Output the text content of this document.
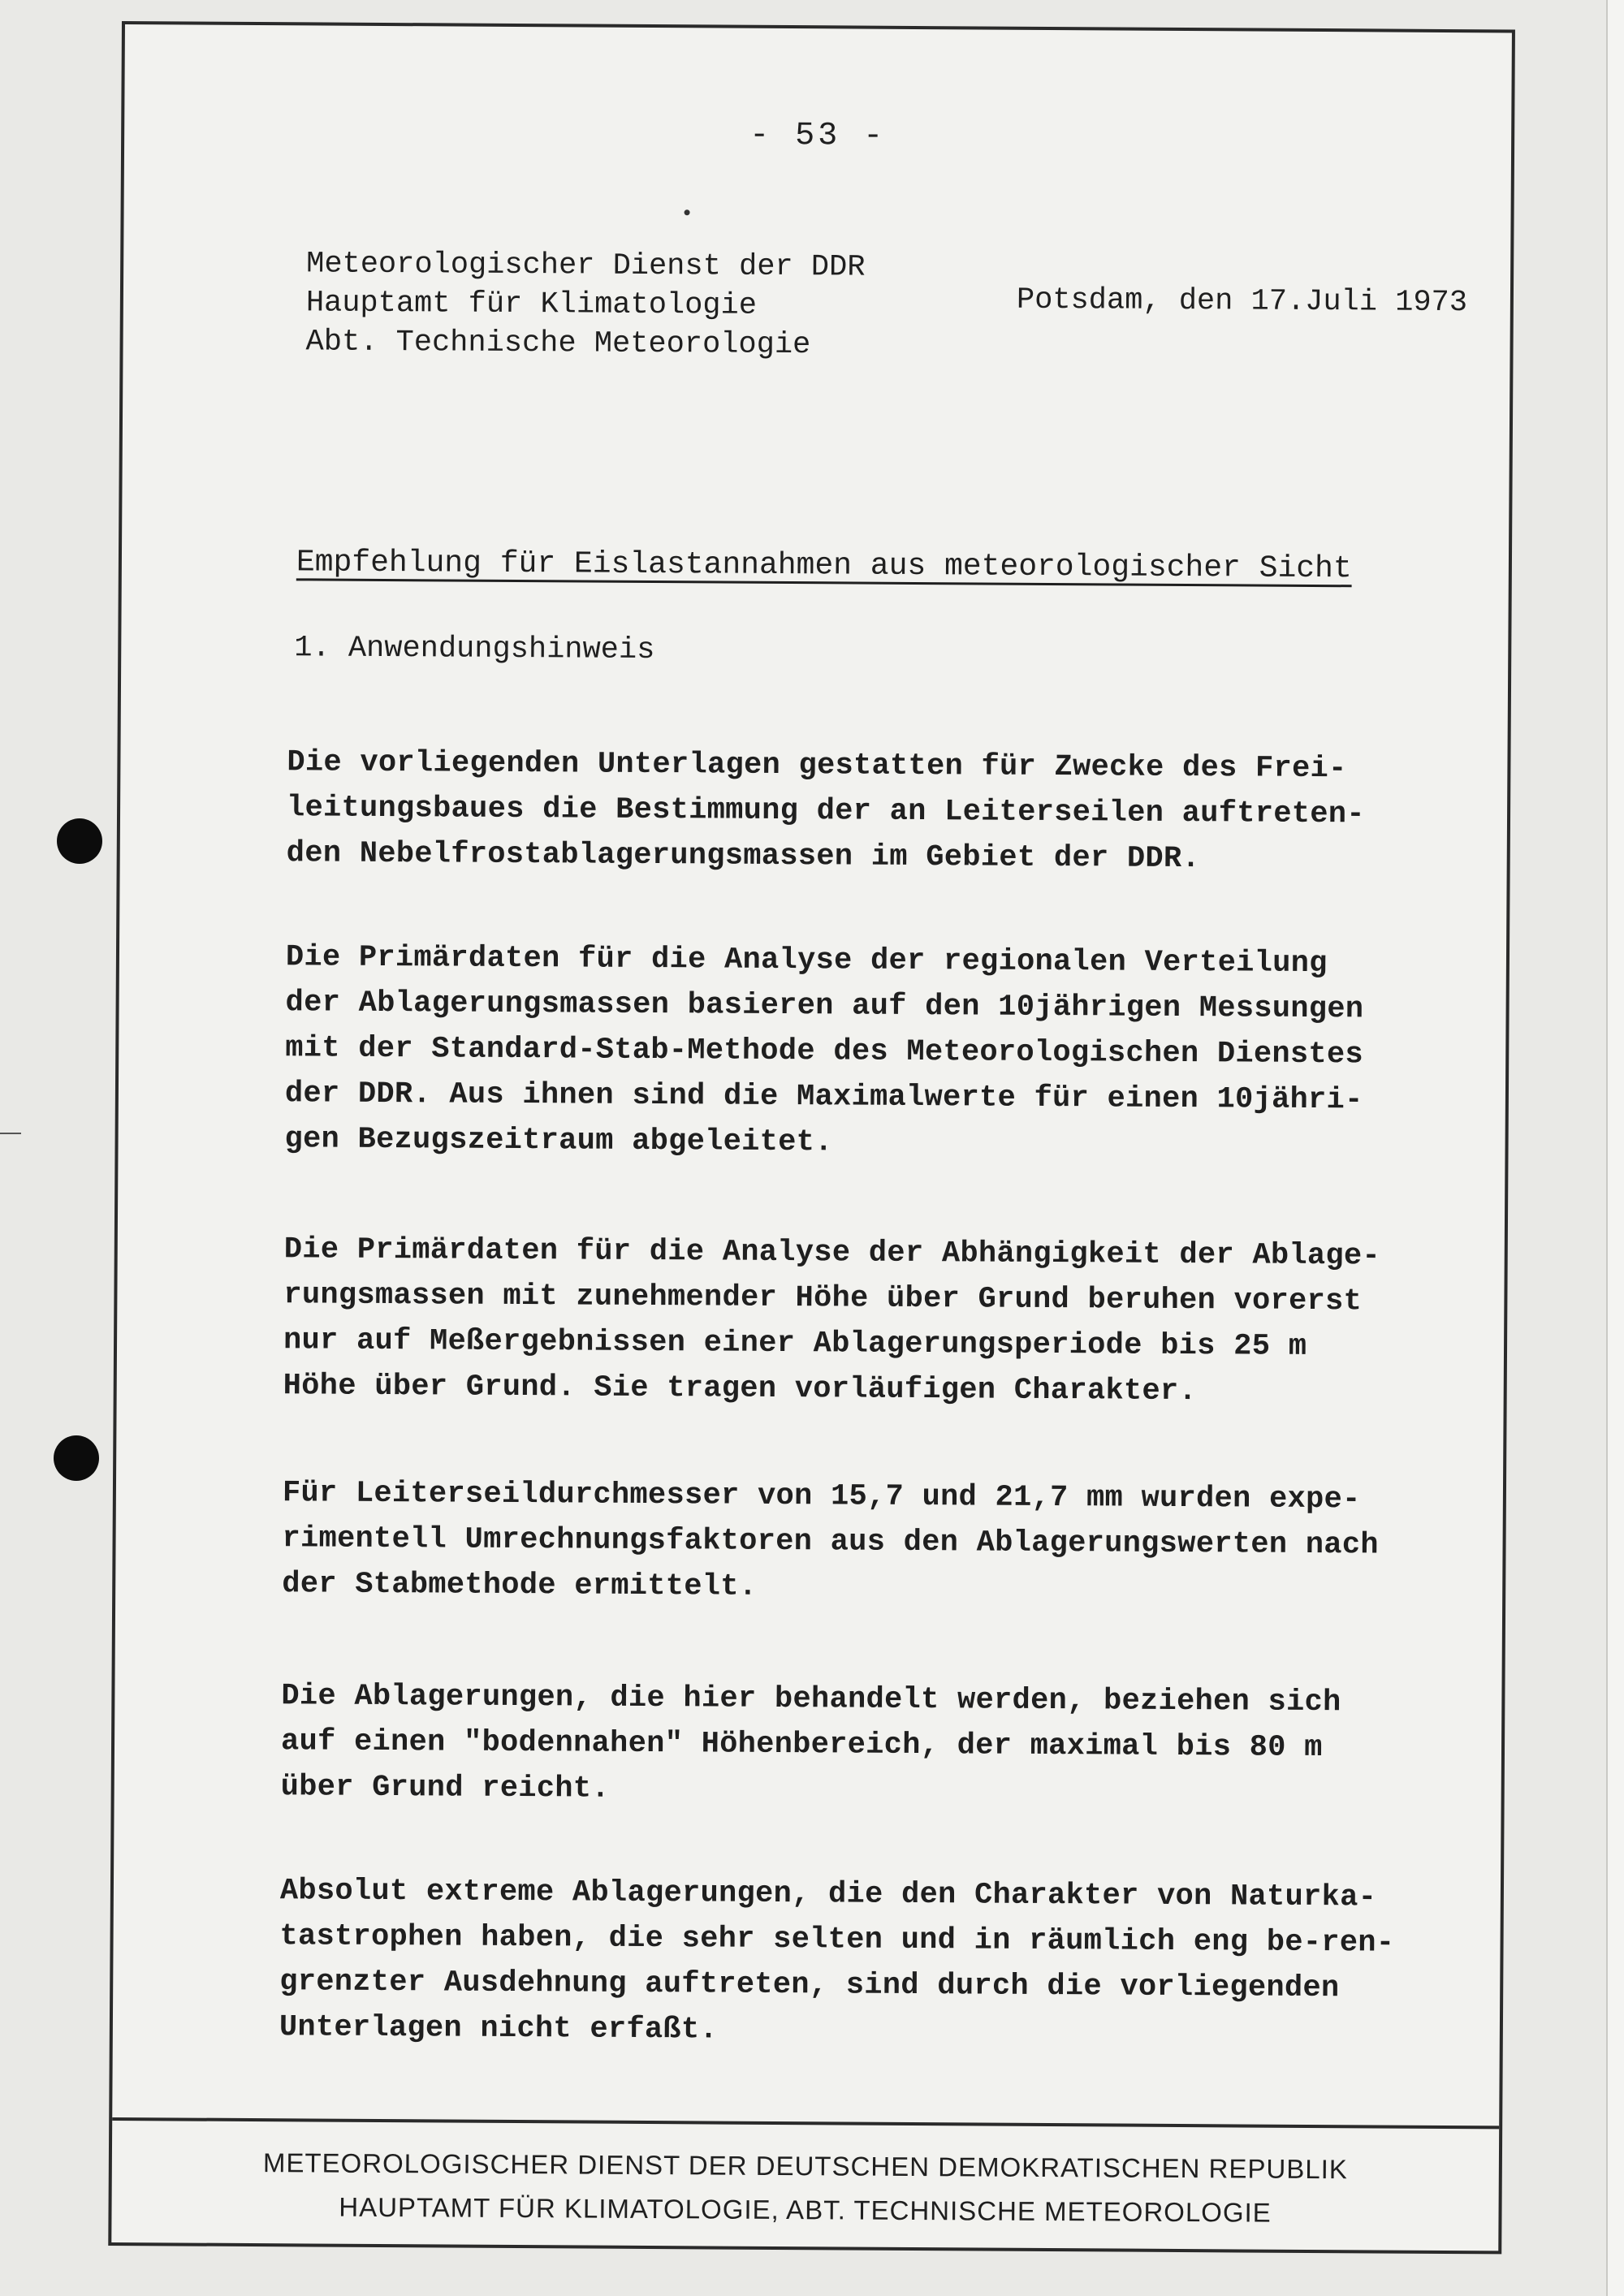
- 53 -
Meteorologischer Dienst der DDR
Hauptamt für Klimatologie
Abt. Technische Meteorologie
Potsdam, den 17.Juli 1973
Empfehlung für Eislastannahmen aus meteorologischer Sicht
1. Anwendungshinweis
Die vorliegenden Unterlagen gestatten für Zwecke des Frei-
leitungsbaues die Bestimmung der an Leiterseilen auftreten-
den Nebelfrostablagerungsmassen im Gebiet der DDR.
Die Primärdaten für die Analyse der regionalen Verteilung
der Ablagerungsmassen basieren auf den 10jährigen Messungen
mit der Standard-Stab-Methode des Meteorologischen Dienstes
der DDR. Aus ihnen sind die Maximalwerte für einen 10jähri-
gen Bezugszeitraum abgeleitet.
Die Primärdaten für die Analyse der Abhängigkeit der Ablage-
rungsmassen mit zunehmender Höhe über Grund beruhen vorerst
nur auf Meßergebnissen einer Ablagerungsperiode bis 25 m
Höhe über Grund. Sie tragen vorläufigen Charakter.
Für Leiterseildurchmesser von 15,7 und 21,7 mm wurden expe-
rimentell Umrechnungsfaktoren aus den Ablagerungswerten nach
der Stabmethode ermittelt.
Die Ablagerungen, die hier behandelt werden, beziehen sich
auf einen "bodennahen" Höhenbereich, der maximal bis 80 m
über Grund reicht.
Absolut extreme Ablagerungen, die den Charakter von Naturka-
tastrophen haben, die sehr selten und in räumlich eng be-ren-
grenzter Ausdehnung auftreten, sind durch die vorliegenden
Unterlagen nicht erfaßt.
METEOROLOGISCHER DIENST DER DEUTSCHEN DEMOKRATISCHEN REPUBLIK
HAUPTAMT FÜR KLIMATOLOGIE, ABT. TECHNISCHE METEOROLOGIE
